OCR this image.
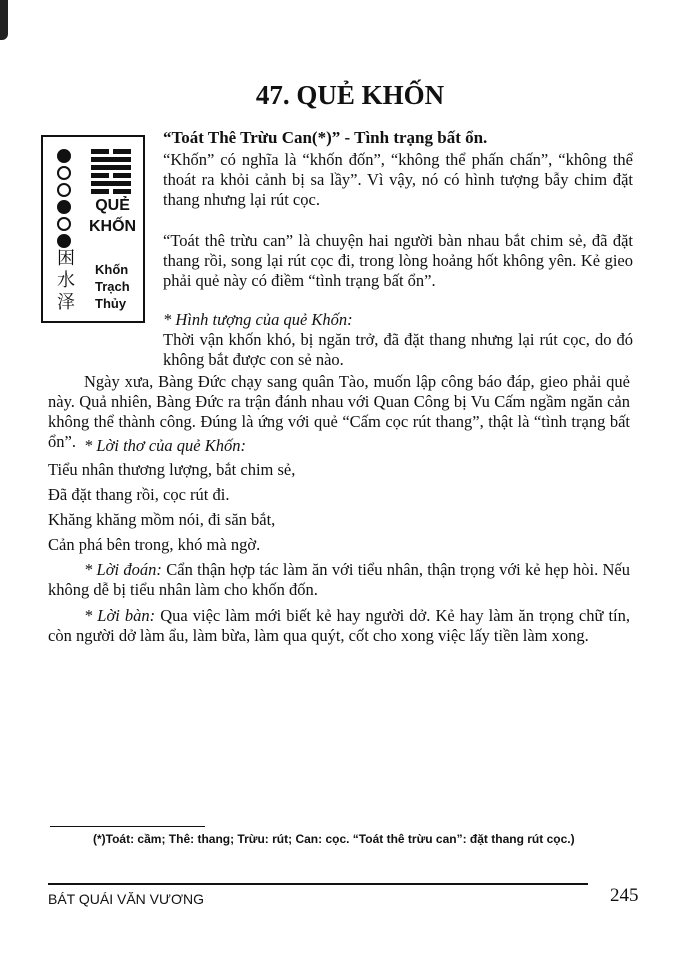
47. QUẺ KHỐN
QUẺ
KHỐN
困水泽
Khốn
Trạch
Thủy
“Toát Thê Trừu Can(*)” - Tình trạng bất ổn.
“Khốn” có nghĩa là “khốn đốn”, “không thể phấn chấn”, “không thể thoát ra khỏi cảnh bị sa lầy”. Vì vậy, nó có hình tượng bẫy chim đặt thang nhưng lại rút cọc.
“Toát thê trừu can” là chuyện hai người bàn nhau bắt chim sẻ, đã đặt thang rồi, song lại rút cọc đi, trong lòng hoảng hốt không yên. Kẻ gieo phải quẻ này có điềm “tình trạng bất ổn”.
* Hình tượng của quẻ Khốn:
Thời vận khốn khó, bị ngăn trở, đã đặt thang nhưng lại rút cọc, do đó không bắt được con sẻ nào.
Ngày xưa, Bàng Đức chạy sang quân Tào, muốn lập công báo đáp, gieo phải quẻ này. Quả nhiên, Bàng Đức ra trận đánh nhau với Quan Công bị Vu Cấm ngầm ngăn cản không thể thành công. Đúng là ứng với quẻ “Cấm cọc rút thang”, thật là “tình trạng bất ổn”. * Lời thơ của quẻ Khốn:
Tiểu nhân thương lượng, bắt chim sẻ,
Đã đặt thang rồi, cọc rút đi.
Khăng khăng mồm nói, đi săn bắt,
Cản phá bên trong, khó mà ngờ.
* Lời đoán: Cẩn thận hợp tác làm ăn với tiểu nhân, thận trọng với kẻ hẹp hòi. Nếu không dễ bị tiểu nhân làm cho khốn đốn.
* Lời bàn: Qua việc làm mới biết kẻ hay người dở. Kẻ hay làm ăn trọng chữ tín, còn người dở làm ẩu, làm bừa, làm qua quýt, cốt cho xong việc lấy tiền làm xong.
(*)Toát: cầm; Thê: thang; Trừu: rút; Can: cọc. “Toát thê trừu can”: đặt thang rút cọc.)
BÁT QUÁI VĂN VƯƠNG	245
